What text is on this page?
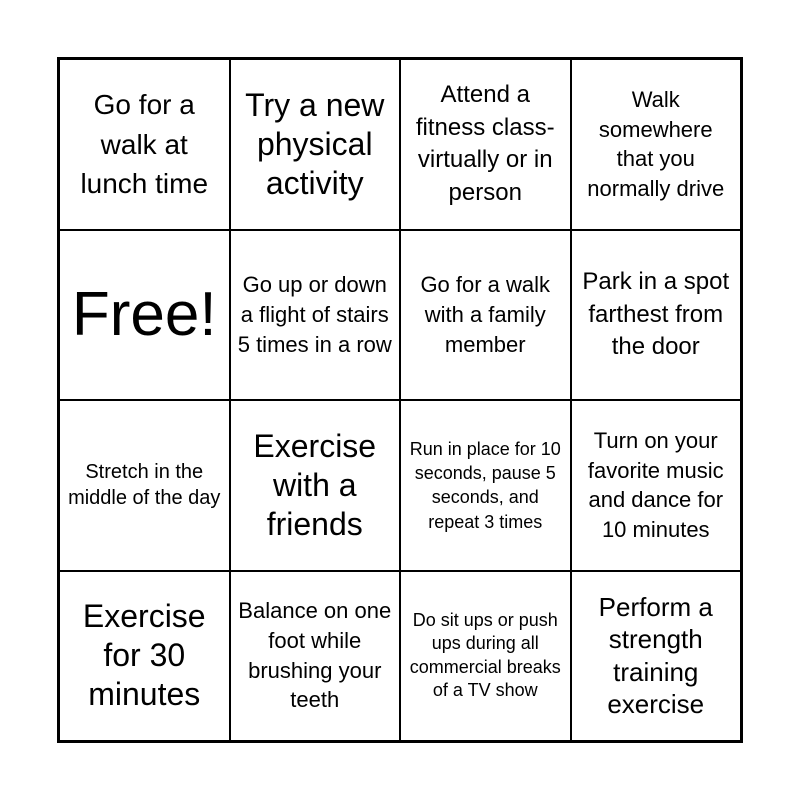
Go for a walk at lunch time
Try a new physical activity
Attend a fitness class- virtually or in person
Walk somewhere that you normally drive
Free! Go up or down a flight of stairs 5 times in a row
Go for a walk with a family member
Park in a spot farthest from the door
Stretch in the middle of the day
Exercise with a friends
Run in place for 10 seconds, pause 5 seconds, and repeat 3 times
Turn on your favorite music and dance for 10 minutes
Exercise for 30 minutes
Balance on one foot while brushing your teeth
Do sit ups or push ups during all commercial breaks of a TV show
Perform a strength training exercise
